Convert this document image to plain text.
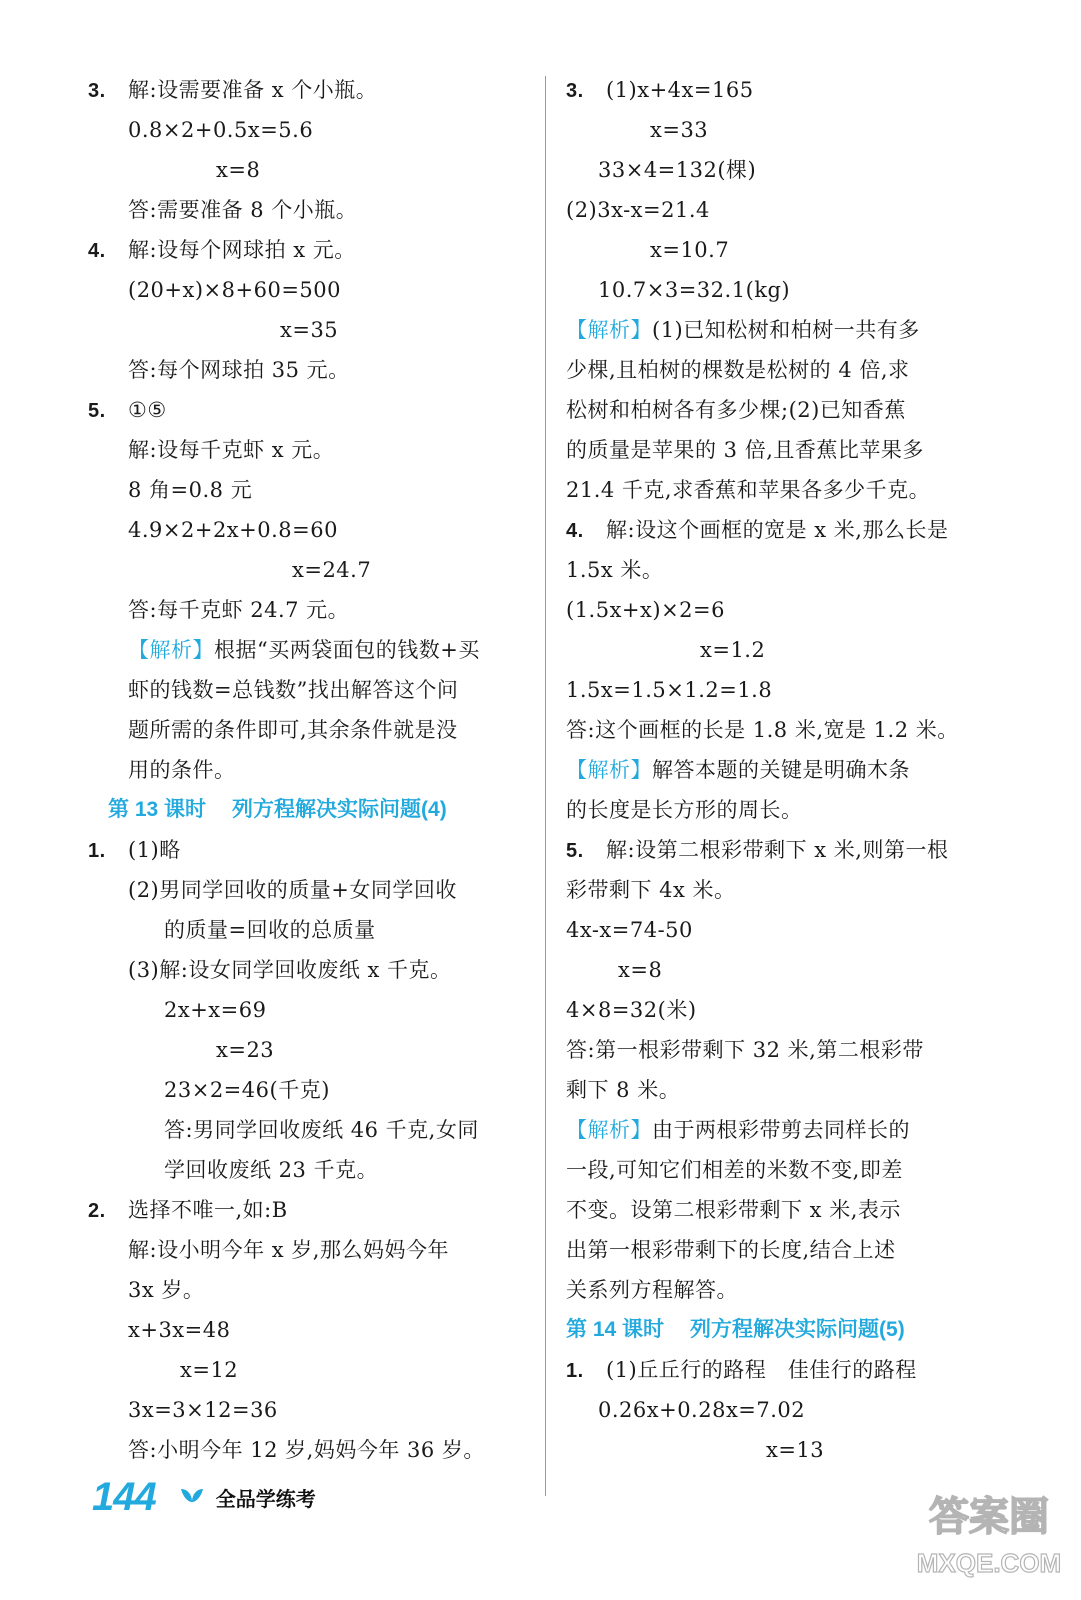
3. 解:设需要准备 x 个小瓶。
0.8×2+0.5x=5.6
x=8
答:需要准备 8 个小瓶。
4. 解:设每个网球拍 x 元。
(20+x)×8+60=500
x=35
答:每个网球拍 35 元。
5. ①⑤
解:设每千克虾 x 元。
8 角=0.8 元
4.9×2+2x+0.8=60
x=24.7
答:每千克虾 24.7 元。
【解析】根据“买两袋面包的钱数+买
虾的钱数=总钱数”找出解答这个问
题所需的条件即可,其余条件就是没
用的条件。
第 13 课时 列方程解决实际问题(4)
1. (1)略
(2)男同学回收的质量+女同学回收
的质量=回收的总质量
(3)解:设女同学回收废纸 x 千克。
2x+x=69
x=23
23×2=46(千克)
答:男同学回收废纸 46 千克,女同
学回收废纸 23 千克。
2. 选择不唯一,如:B
解:设小明今年 x 岁,那么妈妈今年
3x 岁。
x+3x=48
x=12
3x=3×12=36
答:小明今年 12 岁,妈妈今年 36 岁。
3. (1)x+4x=165
x=33
33×4=132(棵)
(2)3x-x=21.4
x=10.7
10.7×3=32.1(kg)
【解析】(1)已知松树和柏树一共有多
少棵,且柏树的棵数是松树的 4 倍,求
松树和柏树各有多少棵;(2)已知香蕉
的质量是苹果的 3 倍,且香蕉比苹果多
21.4 千克,求香蕉和苹果各多少千克。
4. 解:设这个画框的宽是 x 米,那么长是
1.5x 米。
(1.5x+x)×2=6
x=1.2
1.5x=1.5×1.2=1.8
答:这个画框的长是 1.8 米,宽是 1.2 米。
【解析】解答本题的关键是明确木条
的长度是长方形的周长。
5. 解:设第二根彩带剩下 x 米,则第一根
彩带剩下 4x 米。
4x-x=74-50
x=8
4×8=32(米)
答:第一根彩带剩下 32 米,第二根彩带
剩下 8 米。
【解析】由于两根彩带剪去同样长的
一段,可知它们相差的米数不变,即差
不变。设第二根彩带剩下 x 米,表示
出第一根彩带剩下的长度,结合上述
关系列方程解答。
第 14 课时 列方程解决实际问题(5)
1. (1)丘丘行的路程　佳佳行的路程
0.26x+0.28x=7.02
x=13
144	全品学练考	答案圈
MXQE.COM
